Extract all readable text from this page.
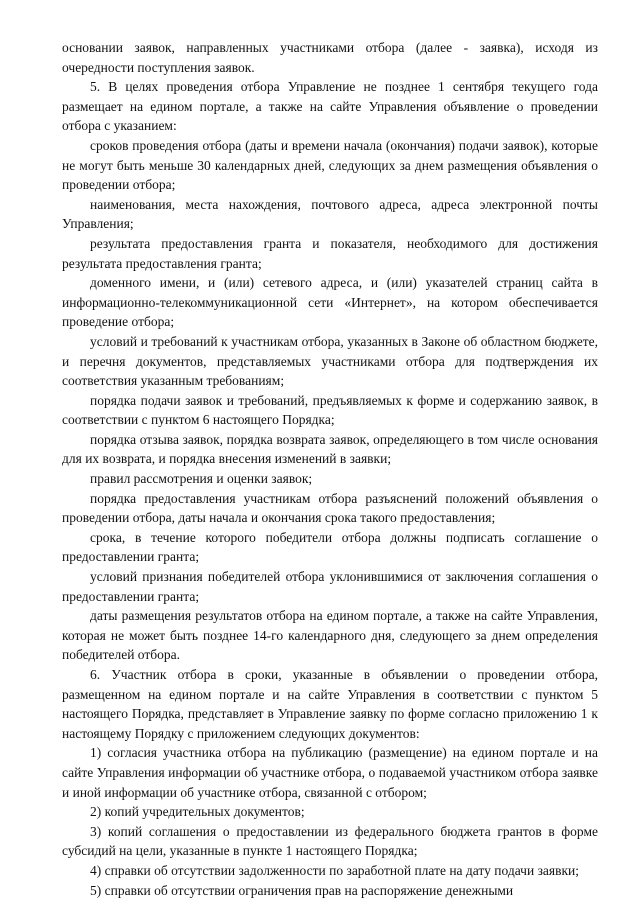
основании заявок, направленных участниками отбора (далее - заявка), исходя из очередности поступления заявок.

5. В целях проведения отбора Управление не позднее 1 сентября текущего года размещает на едином портале, а также на сайте Управления объявление о проведении отбора с указанием:

сроков проведения отбора (даты и времени начала (окончания) подачи заявок), которые не могут быть меньше 30 календарных дней, следующих за днем размещения объявления о проведении отбора;

наименования, места нахождения, почтового адреса, адреса электронной почты Управления;

результата предоставления гранта и показателя, необходимого для достижения результата предоставления гранта;

доменного имени, и (или) сетевого адреса, и (или) указателей страниц сайта в информационно-телекоммуникационной сети «Интернет», на котором обеспечивается проведение отбора;

условий и требований к участникам отбора, указанных в Законе об областном бюджете, и перечня документов, представляемых участниками отбора для подтверждения их соответствия указанным требованиям;

порядка подачи заявок и требований, предъявляемых к форме и содержанию заявок, в соответствии с пунктом 6 настоящего Порядка;

порядка отзыва заявок, порядка возврата заявок, определяющего в том числе основания для их возврата, и порядка внесения изменений в заявки;

правил рассмотрения и оценки заявок;

порядка предоставления участникам отбора разъяснений положений объявления о проведении отбора, даты начала и окончания срока такого предоставления;

срока, в течение которого победители отбора должны подписать соглашение о предоставлении гранта;

условий признания победителей отбора уклонившимися от заключения соглашения о предоставлении гранта;

даты размещения результатов отбора на едином портале, а также на сайте Управления, которая не может быть позднее 14-го календарного дня, следующего за днем определения победителей отбора.

6. Участник отбора в сроки, указанные в объявлении о проведении отбора, размещенном на едином портале и на сайте Управления в соответствии с пунктом 5 настоящего Порядка, представляет в Управление заявку по форме согласно приложению 1 к настоящему Порядку с приложением следующих документов:

1) согласия участника отбора на публикацию (размещение) на едином портале и на сайте Управления информации об участнике отбора, о подаваемой участником отбора заявке и иной информации об участнике отбора, связанной с отбором;

2) копий учредительных документов;

3) копий соглашения о предоставлении из федерального бюджета грантов в форме субсидий на цели, указанные в пункте 1 настоящего Порядка;

4) справки об отсутствии задолженности по заработной плате на дату подачи заявки;

5) справки об отсутствии ограничения прав на распоряжение денежными
